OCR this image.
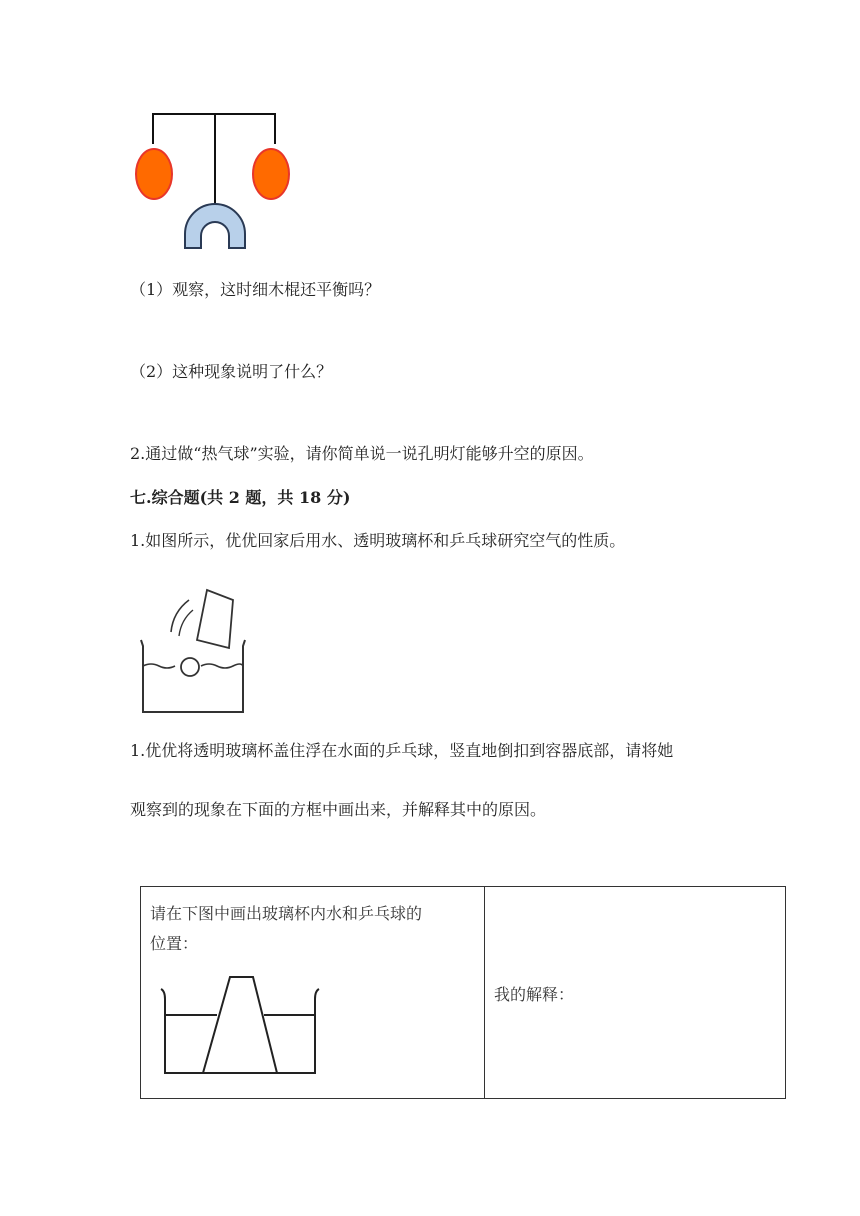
（1）观察，这时细木棍还平衡吗？
（2）这种现象说明了什么？
2.通过做“热气球”实验，请你简单说一说孔明灯能够升空的原因。
七.综合题(共 2 题，共 18 分)
1.如图所示，优优回家后用水、透明玻璃杯和乒乓球研究空气的性质。
1.优优将透明玻璃杯盖住浮在水面的乒乓球，竖直地倒扣到容器底部，请将她
观察到的现象在下面的方框中画出来，并解释其中的原因。
请在下图中画出玻璃杯内水和乒乓球的
位置：

我的解释：
